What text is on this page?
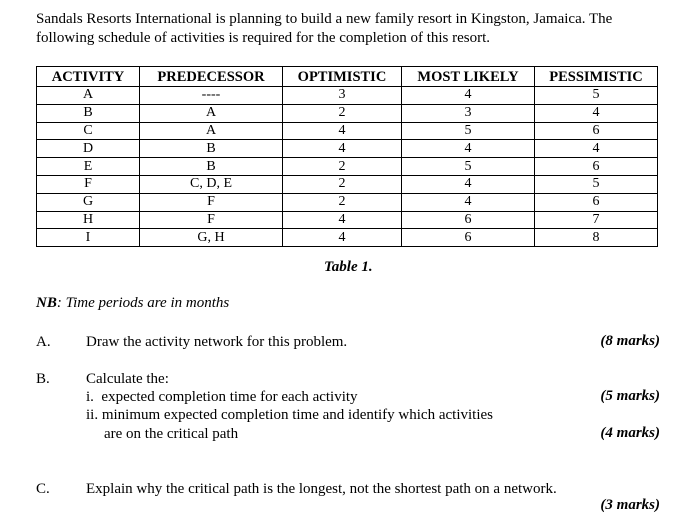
Sandals Resorts International is planning to build a new family resort in Kingston, Jamaica. The following schedule of activities is required for the completion of this resort.
ACTIVITY	PREDECESSOR	OPTIMISTIC	MOST LIKELY	PESSIMISTIC
A	----	3	4	5
B	A	2	3	4
C	A	4	5	6
D	B	4	4	4
E	B	2	5	6
F	C, D, E	2	4	5
G	F	2	4	6
H	F	4	6	7
I	G, H	4	6	8
Table 1.
NB: Time periods are in months
A. Draw the activity network for this problem.	(8 marks)
B. Calculate the:
i.  expected completion time for each activity
ii. minimum expected completion time and identify which activities
are on the critical path
(5 marks)
(4 marks)
C. Explain why the critical path is the longest, not the shortest path on a network.
(3 marks)
